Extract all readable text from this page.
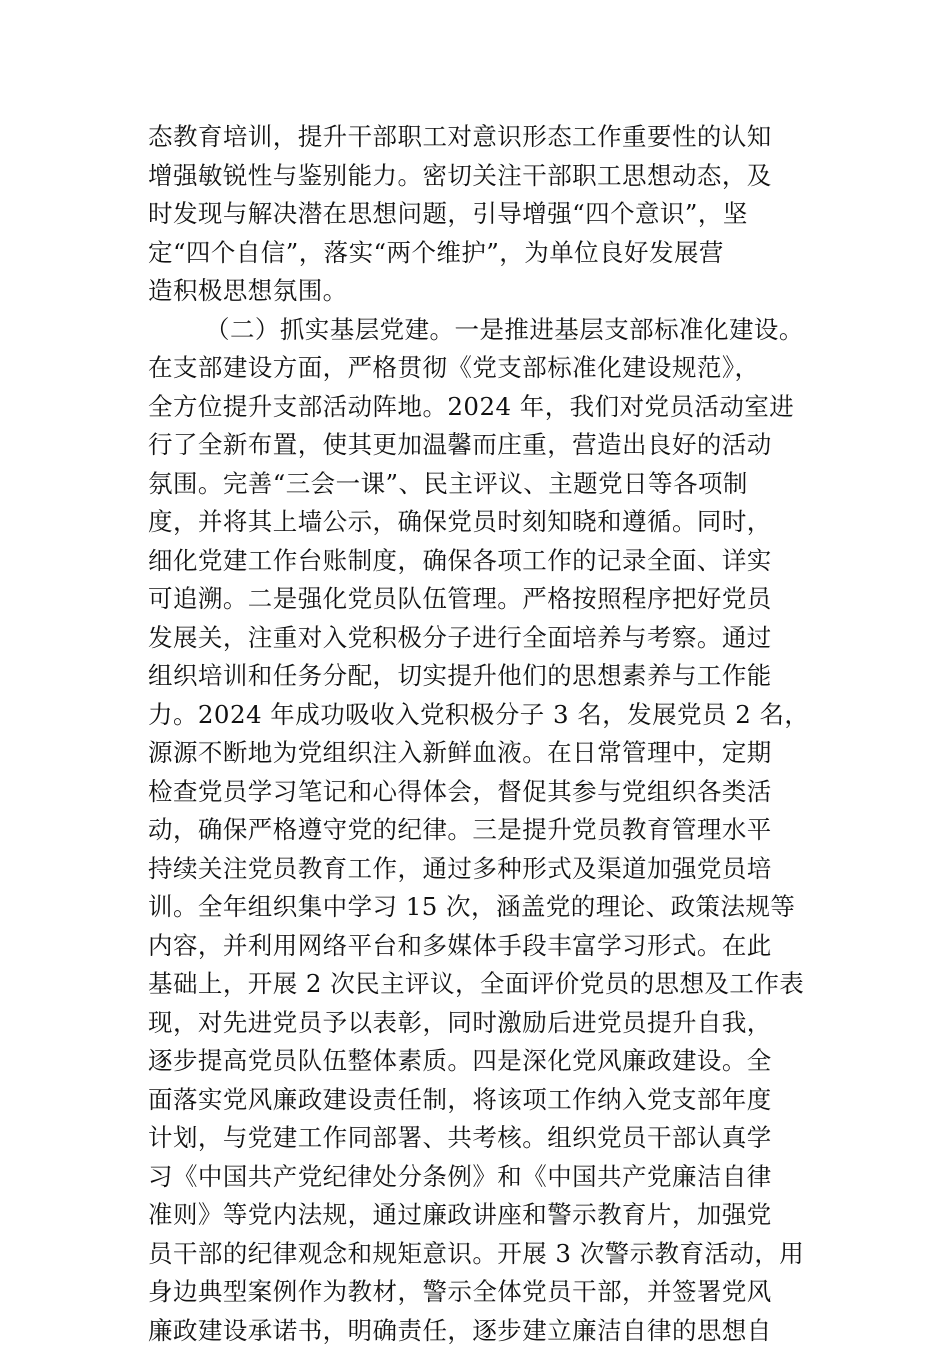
态教育培训，提升干部职工对意识形态工作重要性的认知
增强敏锐性与鉴别能力。密切关注干部职工思想动态，及
时发现与解决潜在思想问题，引导增强“四个意识”，坚
定“四个自信”，落实“两个维护”，为单位良好发展营
造积极思想氛围。
（二）抓实基层党建。一是推进基层支部标准化建设。
在支部建设方面，严格贯彻《党支部标准化建设规范》，
全方位提升支部活动阵地。2024 年，我们对党员活动室进
行了全新布置，使其更加温馨而庄重，营造出良好的活动
氛围。完善“三会一课”、民主评议、主题党日等各项制
度，并将其上墙公示，确保党员时刻知晓和遵循。同时，
细化党建工作台账制度，确保各项工作的记录全面、详实
可追溯。二是强化党员队伍管理。严格按照程序把好党员
发展关，注重对入党积极分子进行全面培养与考察。通过
组织培训和任务分配，切实提升他们的思想素养与工作能
力。2024 年成功吸收入党积极分子 3 名，发展党员 2 名，
源源不断地为党组织注入新鲜血液。在日常管理中，定期
检查党员学习笔记和心得体会，督促其参与党组织各类活
动，确保严格遵守党的纪律。三是提升党员教育管理水平
持续关注党员教育工作，通过多种形式及渠道加强党员培
训。全年组织集中学习 15 次，涵盖党的理论、政策法规等
内容，并利用网络平台和多媒体手段丰富学习形式。在此
基础上，开展 2 次民主评议，全面评价党员的思想及工作表
现，对先进党员予以表彰，同时激励后进党员提升自我，
逐步提高党员队伍整体素质。四是深化党风廉政建设。全
面落实党风廉政建设责任制，将该项工作纳入党支部年度
计划，与党建工作同部署、共考核。组织党员干部认真学
习《中国共产党纪律处分条例》和《中国共产党廉洁自律
准则》等党内法规，通过廉政讲座和警示教育片，加强党
员干部的纪律观念和规矩意识。开展 3 次警示教育活动，用
身边典型案例作为教材，警示全体党员干部，并签署党风
廉政建设承诺书，明确责任，逐步建立廉洁自律的思想自
